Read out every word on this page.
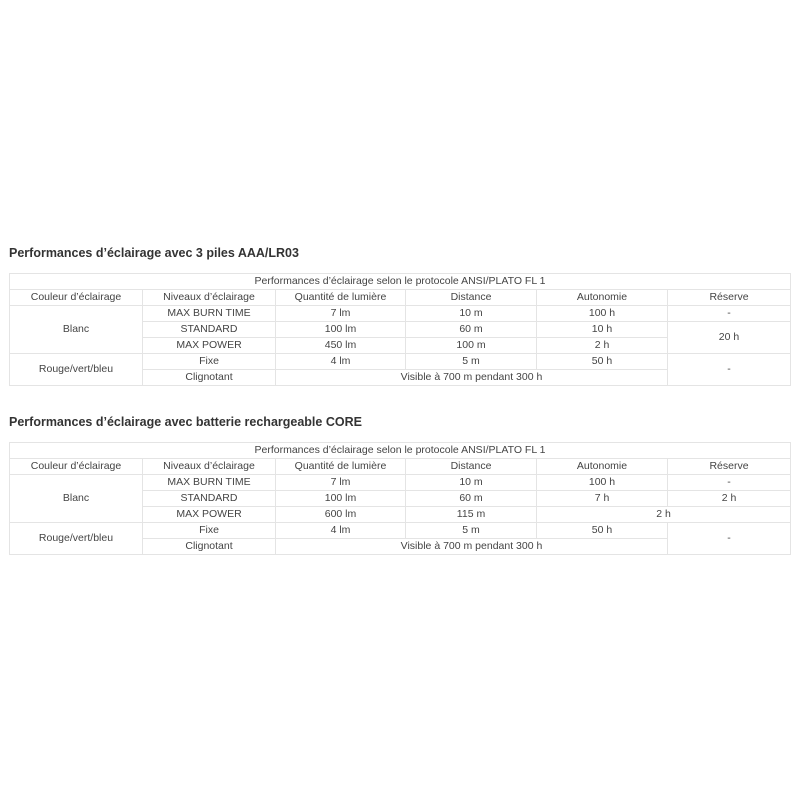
Performances d’éclairage avec 3 piles AAA/LR03
Performances d’éclairage selon le protocole ANSI/PLATO FL 1					
Couleur d’éclairage	Niveaux d’éclairage	Quantité de lumière	Distance	Autonomie	Réserve
Blanc	MAX BURN TIME	7 lm	10 m	100 h	-
	STANDARD	100 lm	60 m	10 h	20 h
	MAX POWER	450 lm	100 m	2 h	
Rouge/vert/bleu	Fixe	4 lm	5 m	50 h	-
	Clignotant	Visible à 700 m pendant 300 h			
Performances d’éclairage avec batterie rechargeable CORE
Performances d’éclairage selon le protocole ANSI/PLATO FL 1					
Couleur d’éclairage	Niveaux d’éclairage	Quantité de lumière	Distance	Autonomie	Réserve
Blanc	MAX BURN TIME	7 lm	10 m	100 h	-
	STANDARD	100 lm	60 m	7 h	2 h
	MAX POWER	600 lm	115 m	2 h	
Rouge/vert/bleu	Fixe	4 lm	5 m	50 h	-
	Clignotant	Visible à 700 m pendant 300 h			
